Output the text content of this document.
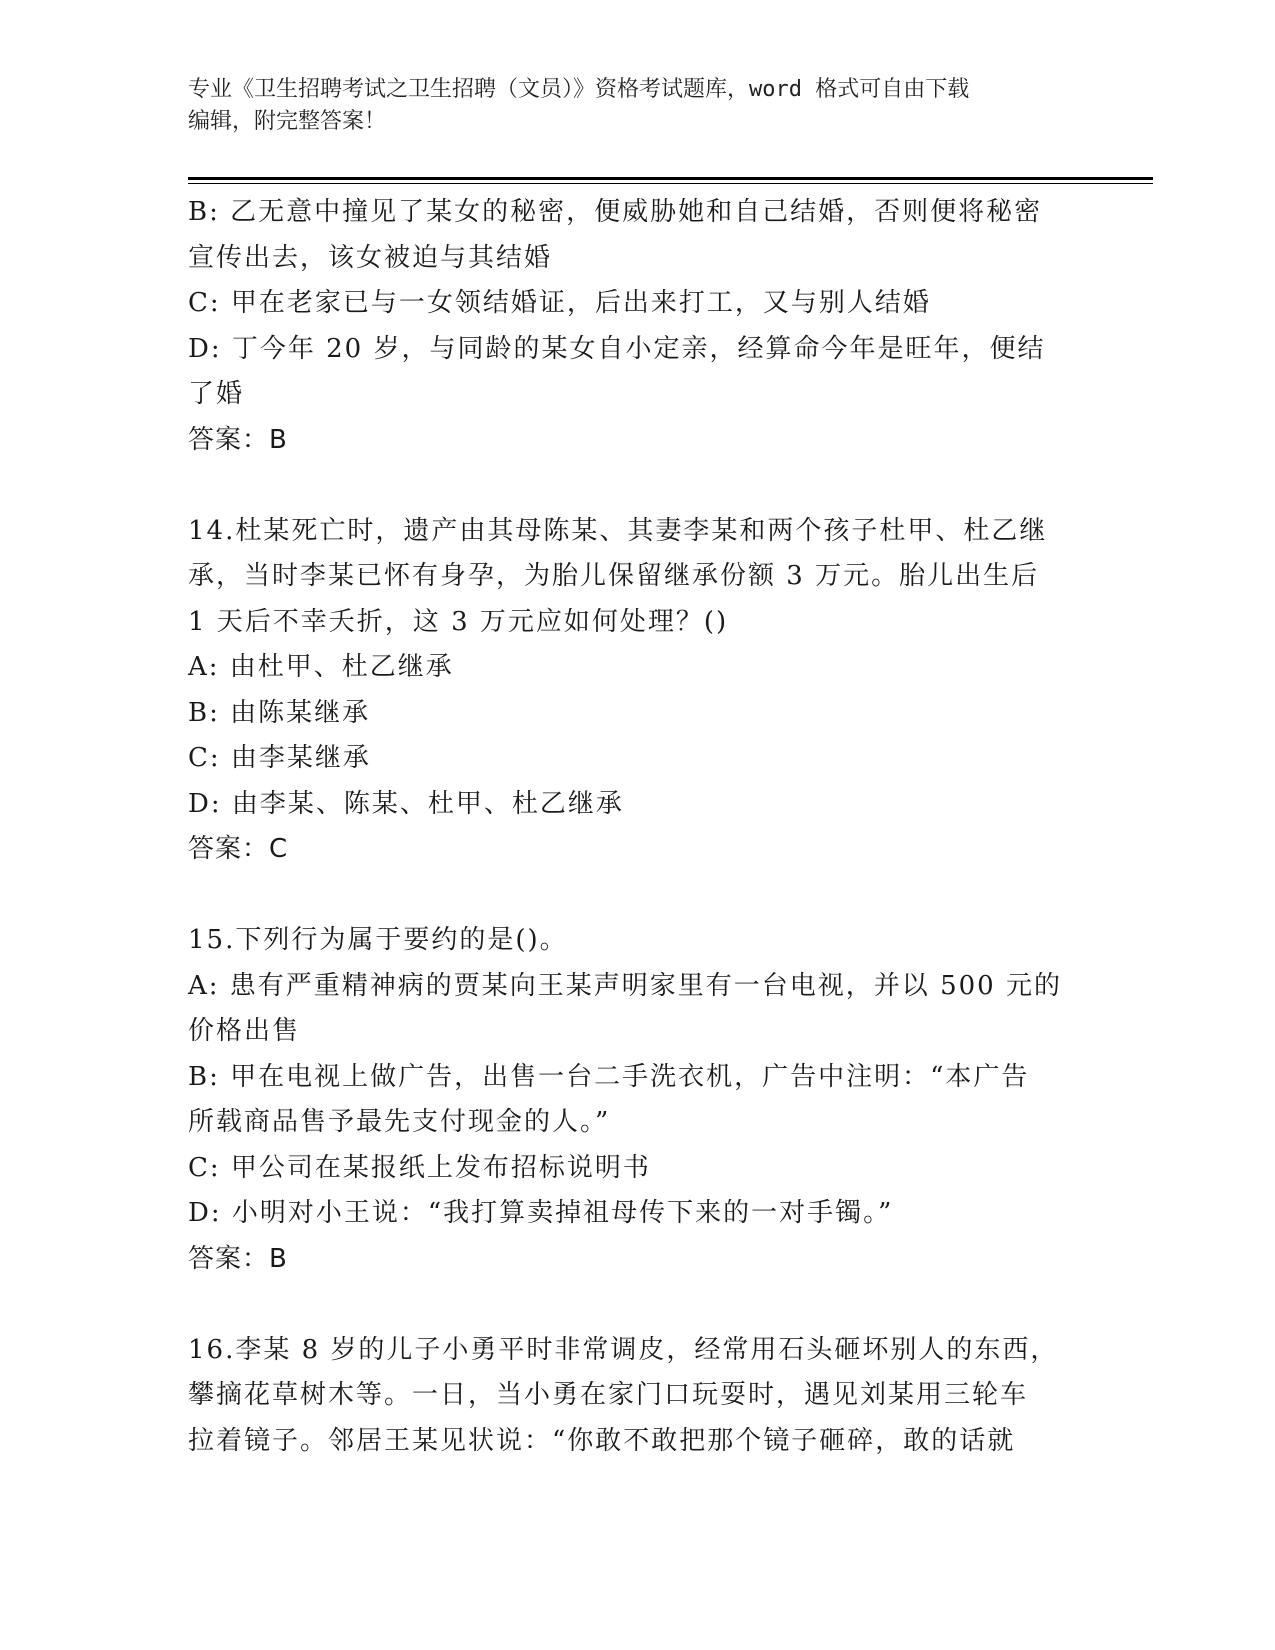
专业《卫生招聘考试之卫生招聘（文员）》资格考试题库，word 格式可自由下载
编辑，附完整答案！
B: 乙无意中撞见了某女的秘密，便威胁她和自己结婚，否则便将秘密
宣传出去，该女被迫与其结婚
C: 甲在老家已与一女领结婚证，后出来打工，又与别人结婚
D: 丁今年 20 岁，与同龄的某女自小定亲，经算命今年是旺年，便结
了婚
答案：B
14.杜某死亡时，遗产由其母陈某、其妻李某和两个孩子杜甲、杜乙继
承，当时李某已怀有身孕，为胎儿保留继承份额 3 万元。胎儿出生后
1 天后不幸夭折，这 3 万元应如何处理？()
A: 由杜甲、杜乙继承
B: 由陈某继承
C: 由李某继承
D: 由李某、陈某、杜甲、杜乙继承
答案：C
15.下列行为属于要约的是()。
A: 患有严重精神病的贾某向王某声明家里有一台电视，并以 500 元的
价格出售
B: 甲在电视上做广告，出售一台二手洗衣机，广告中注明：“本广告
所载商品售予最先支付现金的人。”
C: 甲公司在某报纸上发布招标说明书
D: 小明对小王说：“我打算卖掉祖母传下来的一对手镯。”
答案：B
16.李某 8 岁的儿子小勇平时非常调皮，经常用石头砸坏别人的东西，
攀摘花草树木等。一日，当小勇在家门口玩耍时，遇见刘某用三轮车
拉着镜子。邻居王某见状说：“你敢不敢把那个镜子砸碎，敢的话就
